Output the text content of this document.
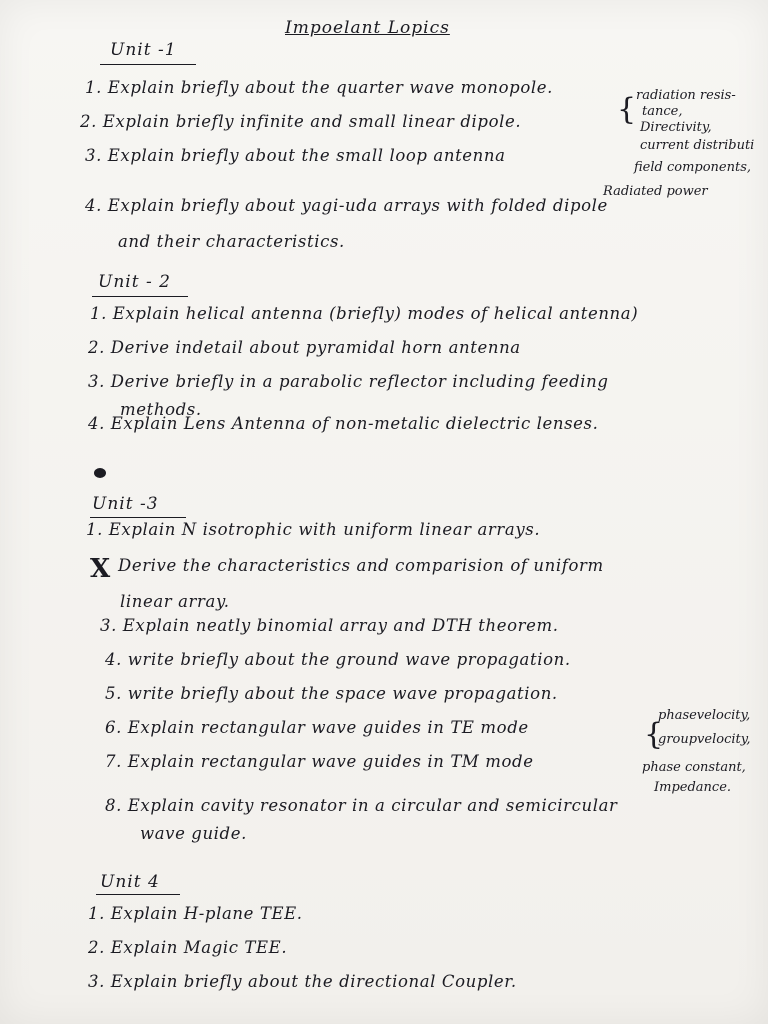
Impoelant Lopics
Unit -1
1. Explain briefly about the quarter wave monopole.
2. Explain briefly infinite and small linear dipole.
3. Explain briefly about the small loop antenna
4. Explain briefly about yagi-uda arrays with folded dipole
and their characteristics.
{ radiation resis-
tance,
Directivity,
current distributi
field components,
Radiated power
Unit - 2
1. Explain helical antenna (briefly) modes of helical antenna)
2. Derive indetail about pyramidal horn antenna
3. Derive briefly in a parabolic reflector including feeding
methods.
4. Explain Lens Antenna of non-metalic dielectric lenses.
Unit -3
1. Explain N isotrophic with uniform linear arrays.
X Derive the characteristics and comparision of uniform
linear array.
3. Explain neatly binomial array and DTH theorem.
4. write briefly about the ground wave propagation.
5. write briefly about the space wave propagation.
6. Explain rectangular wave guides in TE mode
7. Explain rectangular wave guides in TM mode
8. Explain cavity resonator in a circular and semicircular
wave guide.
{
phasevelocity,
groupvelocity,
phase constant,
Impedance.
Unit 4
1. Explain H-plane TEE.
2. Explain Magic TEE.
3. Explain briefly about the directional Coupler.
